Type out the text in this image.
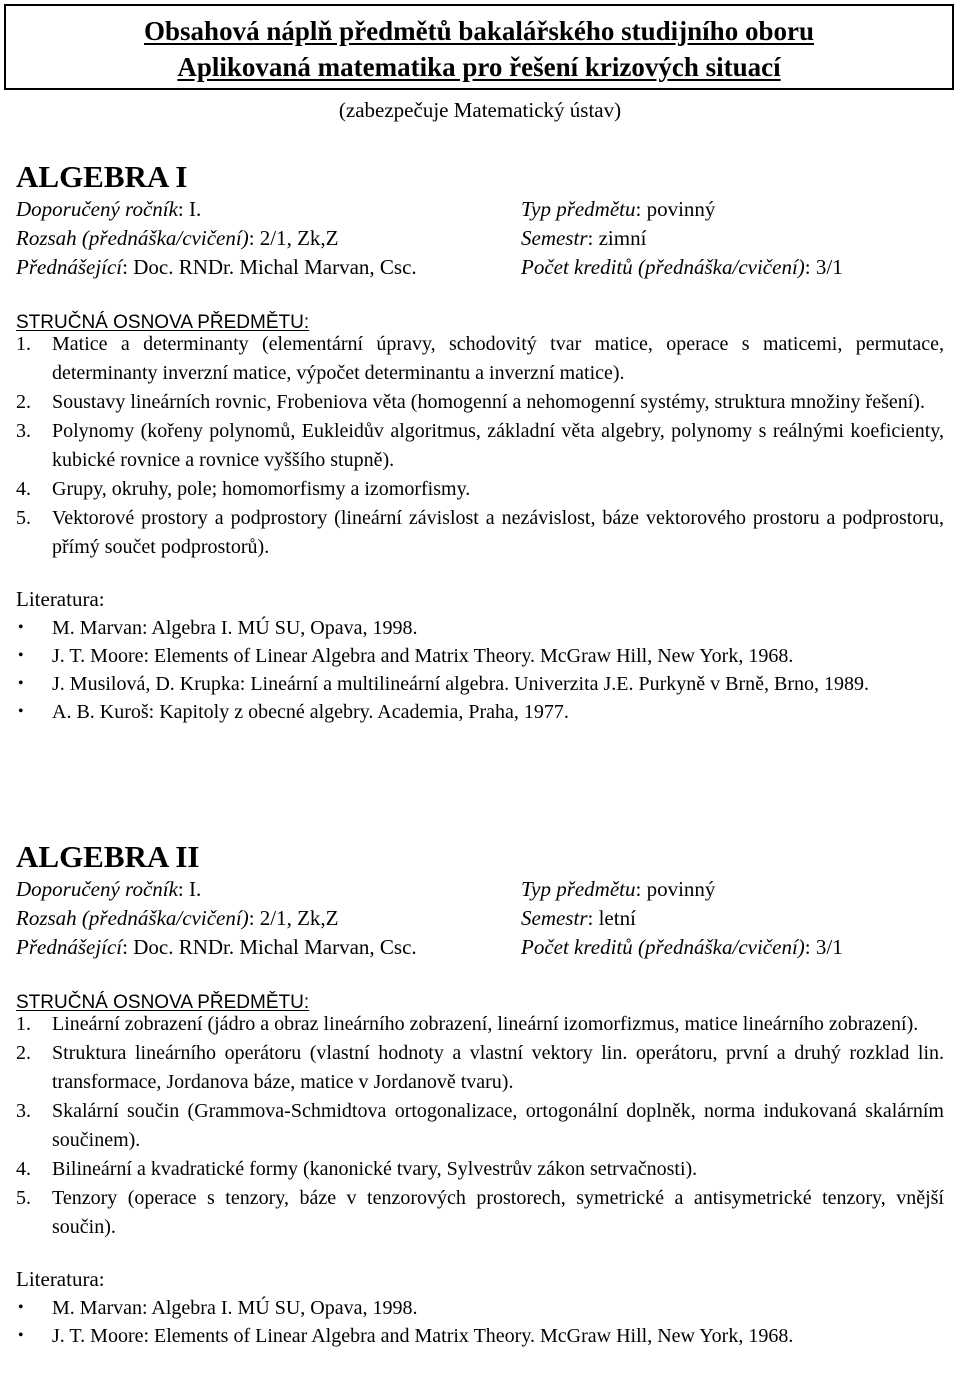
Obsahová náplň předmětů bakalářského studijního oboru
Aplikovaná matematika pro řešení krizových situací
(zabezpečuje Matematický ústav)
ALGEBRA I
Doporučený ročník: I.
Rozsah (přednáška/cvičení): 2/1, Zk,Z
Přednášející: Doc. RNDr. Michal Marvan, Csc.
Typ předmětu: povinný
Semestr: zimní
Počet kreditů (přednáška/cvičení): 3/1
STRUČNÁ OSNOVA PŘEDMĚTU:
1. Matice a determinanty (elementární úpravy, schodovitý tvar matice, operace s maticemi, permutace, determinanty inverzní matice, výpočet determinantu a inverzní matice).
2. Soustavy lineárních rovnic, Frobeniova věta (homogenní a nehomogenní systémy, struktura množiny řešení).
3. Polynomy (kořeny polynomů, Eukleidův algoritmus, základní věta algebry, polynomy s reálnými koeficienty, kubické rovnice a rovnice vyššího stupně).
4. Grupy, okruhy, pole; homomorfismy a izomorfismy.
5. Vektorové prostory a podprostory (lineární závislost a nezávislost, báze vektorového prostoru a podprostoru, přímý součet podprostorů).
Literatura:
• M. Marvan: Algebra I. MÚ SU, Opava, 1998.
• J. T. Moore: Elements of Linear Algebra and Matrix Theory. McGraw Hill, New York, 1968.
• J. Musilová, D. Krupka: Lineární a multilineární algebra. Univerzita J.E. Purkyně v Brně, Brno, 1989.
• A. B. Kuroš: Kapitoly z obecné algebry. Academia, Praha, 1977.
ALGEBRA II
Doporučený ročník: I.
Rozsah (přednáška/cvičení): 2/1, Zk,Z
Přednášející: Doc. RNDr. Michal Marvan, Csc.
Typ předmětu: povinný
Semestr: letní
Počet kreditů (přednáška/cvičení): 3/1
STRUČNÁ OSNOVA PŘEDMĚTU:
1. Lineární zobrazení (jádro a obraz lineárního zobrazení, lineární izomorfizmus, matice lineárního zobrazení).
2. Struktura lineárního operátoru (vlastní hodnoty a vlastní vektory lin. operátoru, první a druhý rozklad lin. transformace, Jordanova báze, matice v Jordanově tvaru).
3. Skalární součin (Grammova-Schmidtova ortogonalizace, ortogonální doplněk, norma indukovaná skalárním součinem).
4. Bilineární a kvadratické formy (kanonické tvary, Sylvestrův zákon setrvačnosti).
5. Tenzory (operace s tenzory, báze v tenzorových prostorech, symetrické a antisymetrické tenzory, vnější součin).
Literatura:
• M. Marvan: Algebra I. MÚ SU, Opava, 1998.
• J. T. Moore: Elements of Linear Algebra and Matrix Theory. McGraw Hill, New York, 1968.
